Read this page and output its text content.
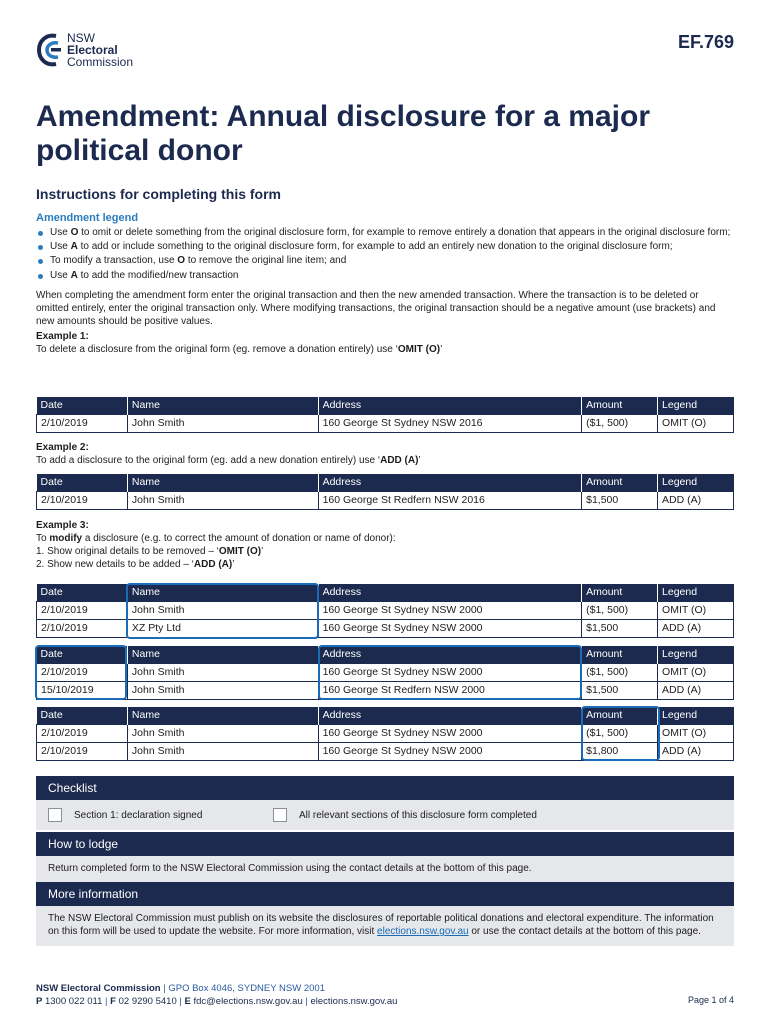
NSW
Electoral
Commission
EF.769
Amendment: Annual disclosure for a major political donor
Instructions for completing this form
Amendment legend
Use O to omit or delete something from the original disclosure form, for example to remove entirely a donation that appears in the original disclosure form;
Use A to add or include something to the original disclosure form, for example to add an entirely new donation to the original disclosure form;
To modify a transaction, use O to remove the original line item; and
Use A to add the modified/new transaction

When completing the amendment form enter the original transaction and then the new amended transaction. Where the transaction is to be deleted or omitted entirely, enter the original transaction only. Where modifying transactions, the original transaction should be a negative amount (use brackets) and new amounts should be positive values.

Example 1:
To delete a disclosure from the original form (eg. remove a donation entirely) use ‘OMIT (O)’
Date	Name	Address	Amount	Legend
2/10/2019	John Smith	160 George St Sydney NSW 2016	($1, 500)	OMIT (O)
Example 2:
To add a disclosure to the original form (eg. add a new donation entirely) use ‘ADD (A)’
Date	Name	Address	Amount	Legend
2/10/2019	John Smith	160 George St Redfern NSW 2016	$1,500	ADD (A)
Example 3:
To modify a disclosure (e.g. to correct the amount of donation or name of donor):
1. Show original details to be removed – ‘OMIT (O)’
2. Show new details to be added – ‘ADD (A)’
Date	Name	Address	Amount	Legend
2/10/2019	John Smith	160 George St Sydney NSW 2000	($1, 500)	OMIT (O)
2/10/2019	XZ Pty Ltd	160 George St Sydney NSW 2000	$1,500	ADD (A)
Date	Name	Address	Amount	Legend
2/10/2019	John Smith	160 George St Sydney NSW 2000	($1, 500)	OMIT (O)
15/10/2019	John Smith	160 George St Redfern NSW 2000	$1,500	ADD (A)
Date	Name	Address	Amount	Legend
2/10/2019	John Smith	160 George St Sydney NSW 2000	($1, 500)	OMIT (O)
2/10/2019	John Smith	160 George St Sydney NSW 2000	$1,800	ADD (A)
Checklist
Section 1: declaration signed	All relevant sections of this disclosure form completed
How to lodge
Return completed form to the NSW Electoral Commission using the contact details at the bottom of this page.
More information
The NSW Electoral Commission must publish on its website the disclosures of reportable political donations and electoral expenditure. The information on this form will be used to update the website. For more information, visit elections.nsw.gov.au or use the contact details at the bottom of this page.
NSW Electoral Commission | GPO Box 4046, SYDNEY NSW 2001
P 1300 022 011 | F 02 9290 5410 | E fdc@elections.nsw.gov.au | elections.nsw.gov.au	Page 1 of 4
